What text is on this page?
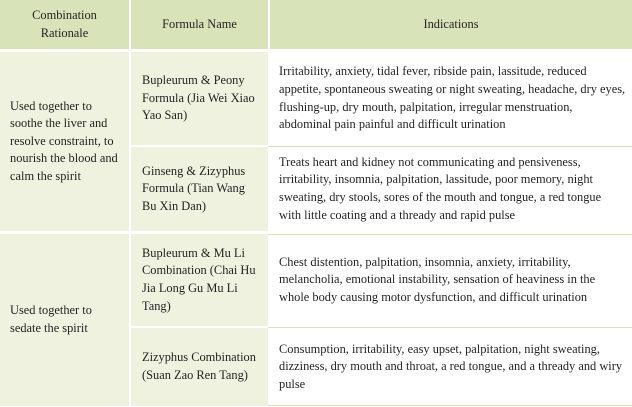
Combination Rationale	Formula Name	Indications
Used together to soothe the liver and resolve constraint, to nourish the blood and calm the spirit	Bupleurum & Peony Formula (Jia Wei Xiao Yao San)	Irritability, anxiety, tidal fever, ribside pain, lassitude, reduced appetite, spontaneous sweating or night sweating, headache, dry eyes, flushing-up, dry mouth, palpitation, irregular menstruation, abdominal pain painful and difficult urination
	Ginseng & Zizyphus Formula (Tian Wang Bu Xin Dan)	Treats heart and kidney not communicating and pensiveness, irritability, insomnia, palpitation, lassitude, poor memory, night sweating, dry stools, sores of the mouth and tongue, a red tongue with little coating and a thready and rapid pulse
Used together to sedate the spirit	Bupleurum & Mu Li Combination (Chai Hu Jia Long Gu Mu Li Tang)	Chest distention, palpitation, insomnia, anxiety, irritability, melancholia, emotional instability, sensation of heaviness in the whole body causing motor dysfunction, and difficult urination
	Zizyphus Combination (Suan Zao Ren Tang)	Consumption, irritability, easy upset, palpitation, night sweating, dizziness, dry mouth and throat, a red tongue, and a thready and wiry pulse
